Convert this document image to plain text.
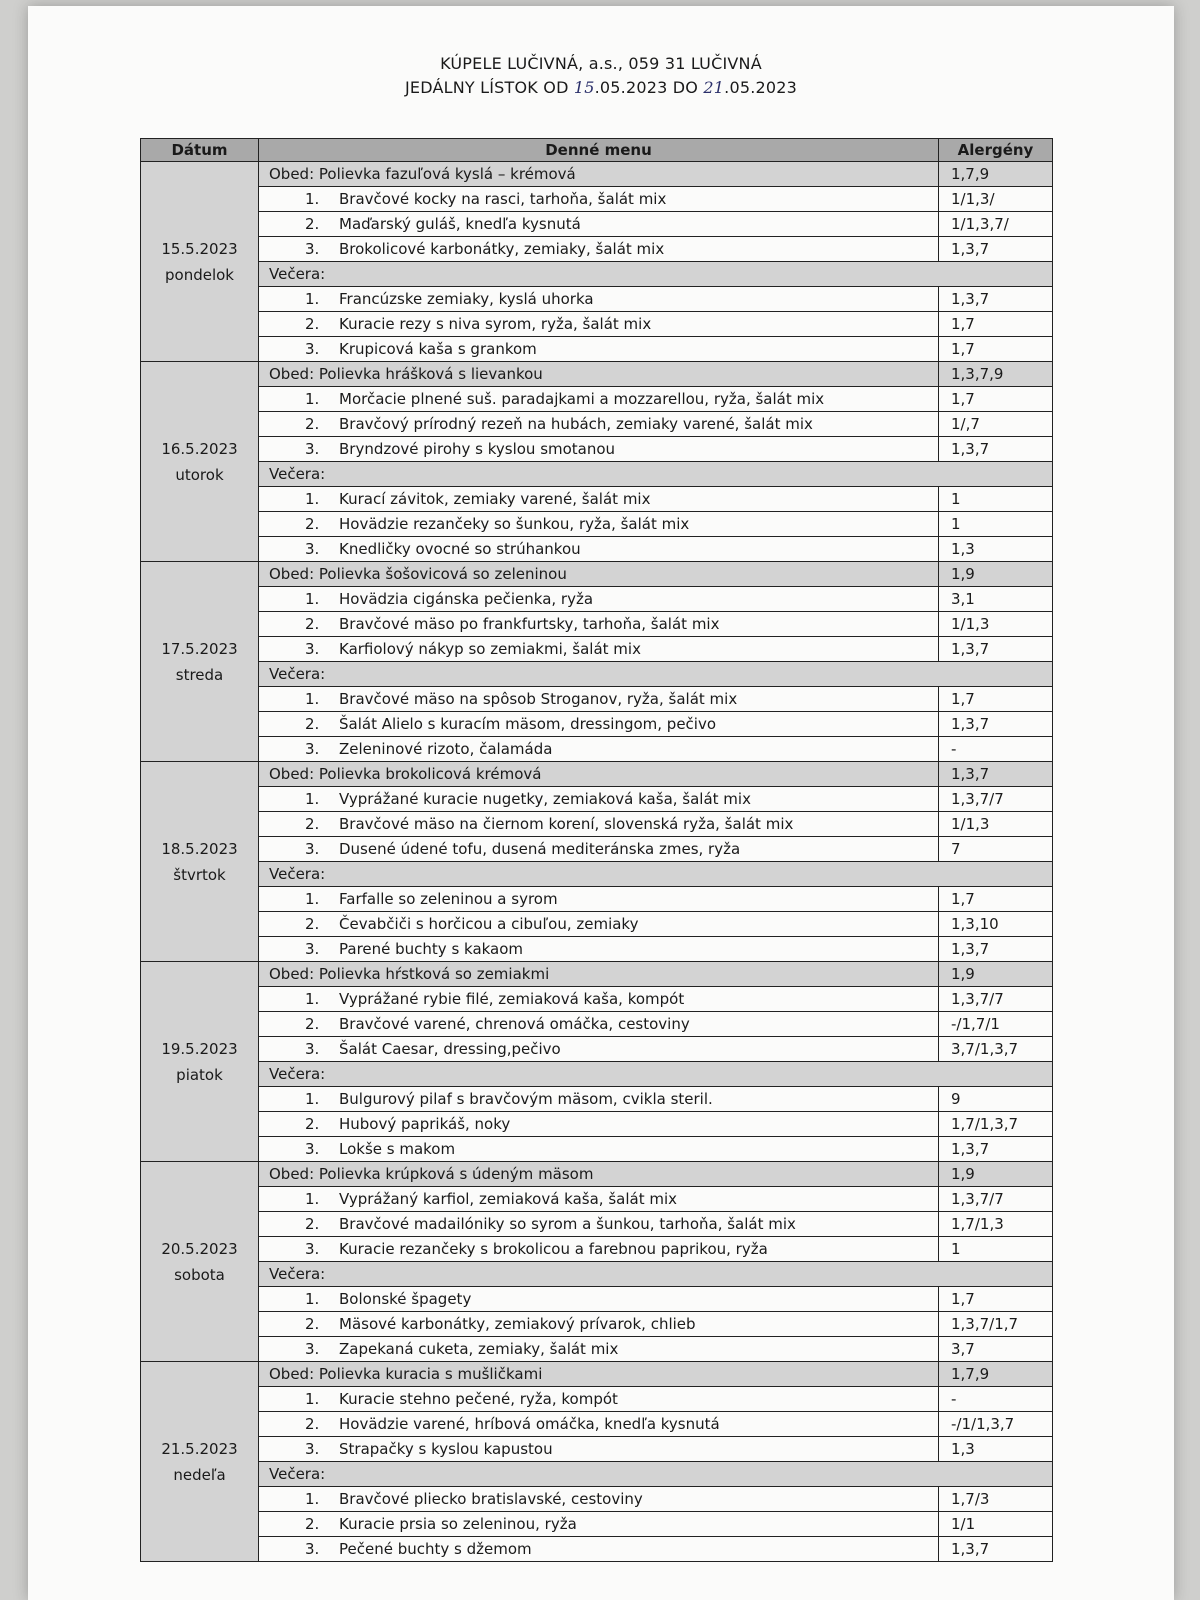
KÚPELE LUČIVNÁ, a.s., 059 31 LUČIVNÁ
JEDÁLNY LÍSTOK OD 15.05.2023 DO 21.05.2023
Dátum	Denné menu	Alergény

15.5.2023
pondelok	Obed: Polievka fazuľová kyslá – krémová	1,7,9
	1. Bravčové kocky na rasci, tarhoňa, šalát mix	1/1,3/
	2. Maďarský guláš, knedľa kysnutá	1/1,3,7/
	3. Brokolicové karbonátky, zemiaky, šalát mix	1,3,7
	Večera:	
	1. Francúzske zemiaky, kyslá uhorka	1,3,7
	2. Kuracie rezy s niva syrom, ryža, šalát mix	1,7
	3. Krupicová kaša s grankom	1,7

16.5.2023
utorok	Obed: Polievka hrášková s lievankou	1,3,7,9
	1. Morčacie plnené suš. paradajkami a mozzarellou, ryža, šalát mix	1,7
	2. Bravčový prírodný rezeň na hubách, zemiaky varené, šalát mix	1/,7
	3. Bryndzové pirohy s kyslou smotanou	1,3,7
	Večera:	
	1. Kurací závitok, zemiaky varené, šalát mix	1
	2. Hovädzie rezančeky so šunkou, ryža, šalát mix	1
	3. Knedličky ovocné so strúhankou	1,3

17.5.2023
streda	Obed: Polievka šošovicová so zeleninou	1,9
	1. Hovädzia cigánska pečienka, ryža	3,1
	2. Bravčové mäso po frankfurtsky, tarhoňa, šalát mix	1/1,3
	3. Karfiolový nákyp so zemiakmi, šalát mix	1,3,7
	Večera:	
	1. Bravčové mäso na spôsob Stroganov, ryža, šalát mix	1,7
	2. Šalát Alielo s kuracím mäsom, dressingom, pečivo	1,3,7
	3. Zeleninové rizoto, čalamáda	-

18.5.2023
štvrtok	Obed: Polievka brokolicová krémová	1,3,7
	1. Vyprážané kuracie nugetky, zemiaková kaša, šalát mix	1,3,7/7
	2. Bravčové mäso na čiernom korení, slovenská ryža, šalát mix	1/1,3
	3. Dusené údené tofu, dusená mediteránska zmes, ryža	7
	Večera:	
	1. Farfalle so zeleninou a syrom	1,7
	2. Čevabčiči s horčicou a cibuľou, zemiaky	1,3,10
	3. Parené buchty s kakaom	1,3,7

19.5.2023
piatok	Obed: Polievka hŕstková so zemiakmi	1,9
	1. Vyprážané rybie filé, zemiaková kaša, kompót	1,3,7/7
	2. Bravčové varené, chrenová omáčka, cestoviny	-/1,7/1
	3. Šalát Caesar, dressing,pečivo	3,7/1,3,7
	Večera:	
	1. Bulgurový pilaf s bravčovým mäsom, cvikla steril.	9
	2. Hubový paprikáš, noky	1,7/1,3,7
	3. Lokše s makom	1,3,7

20.5.2023
sobota	Obed: Polievka krúpková s údeným mäsom	1,9
	1. Vyprážaný karfiol, zemiaková kaša, šalát mix	1,3,7/7
	2. Bravčové madailóniky so syrom a šunkou, tarhoňa, šalát mix	1,7/1,3
	3. Kuracie rezančeky s brokolicou a farebnou paprikou, ryža	1
	Večera:	
	1. Bolonské špagety	1,7
	2. Mäsové karbonátky, zemiakový prívarok, chlieb	1,3,7/1,7
	3. Zapekaná cuketa, zemiaky, šalát mix	3,7

21.5.2023
nedeľa	Obed: Polievka kuracia s mušličkami	1,7,9
	1. Kuracie stehno pečené, ryža, kompót	-
	2. Hovädzie varené, hríbová omáčka, knedľa kysnutá	-/1/1,3,7
	3. Strapačky s kyslou kapustou	1,3
	Večera:	
	1. Bravčové pliecko bratislavské, cestoviny	1,7/3
	2. Kuracie prsia so zeleninou, ryža	1/1
	3. Pečené buchty s džemom	1,3,7
